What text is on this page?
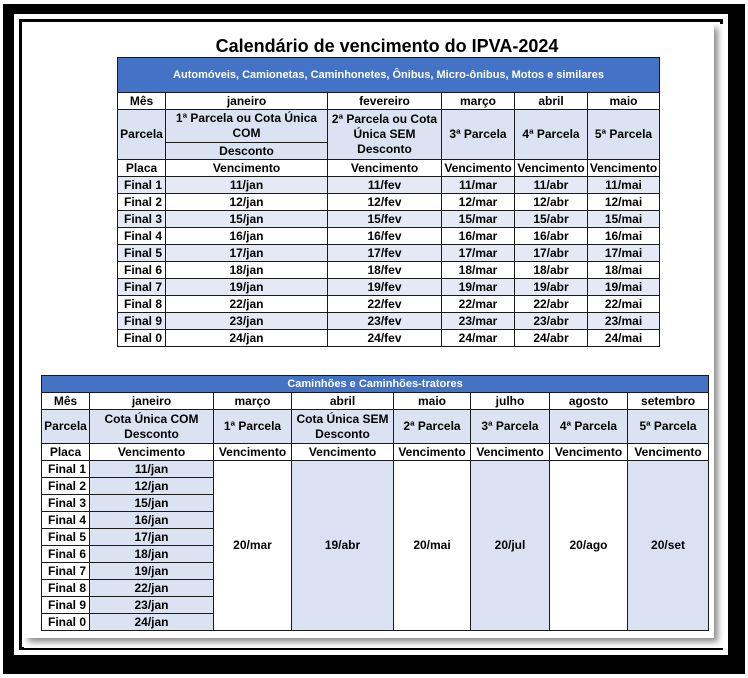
Calendário de vencimento do IPVA-2024
Automóveis, Camionetas, Caminhonetes, Ônibus, Micro-ônibus, Motos e similares					
Mês	janeiro	fevereiro	março	abril	maio
Parcela	1ª Parcela ou Cota Única COM	2ª Parcela ou Cota Única SEM Desconto	3ª Parcela	4ª Parcela	5ª Parcela
	Desconto				
Placa	Vencimento	Vencimento	Vencimento	Vencimento	Vencimento
Final 1	11/jan	11/fev	11/mar	11/abr	11/mai
Final 2	12/jan	12/fev	12/mar	12/abr	12/mai
Final 3	15/jan	15/fev	15/mar	15/abr	15/mai
Final 4	16/jan	16/fev	16/mar	16/abr	16/mai
Final 5	17/jan	17/fev	17/mar	17/abr	17/mai
Final 6	18/jan	18/fev	18/mar	18/abr	18/mai
Final 7	19/jan	19/fev	19/mar	19/abr	19/mai
Final 8	22/jan	22/fev	22/mar	22/abr	22/mai
Final 9	23/jan	23/fev	23/mar	23/abr	23/mai
Final 0	24/jan	24/fev	24/mar	24/abr	24/mai
Caminhões e Caminhões-tratores							
Mês	janeiro	março	abril	maio	julho	agosto	setembro
Parcela	Cota Única COM Desconto	1ª Parcela	Cota Única SEM Desconto	2ª Parcela	3ª Parcela	4ª Parcela	5ª Parcela
Placa	Vencimento	Vencimento	Vencimento	Vencimento	Vencimento	Vencimento	Vencimento
Final 1	11/jan	20/mar	19/abr	20/mai	20/jul	20/ago	20/set
Final 2	12/jan						
Final 3	15/jan						
Final 4	16/jan						
Final 5	17/jan						
Final 6	18/jan						
Final 7	19/jan						
Final 8	22/jan						
Final 9	23/jan						
Final 0	24/jan						
